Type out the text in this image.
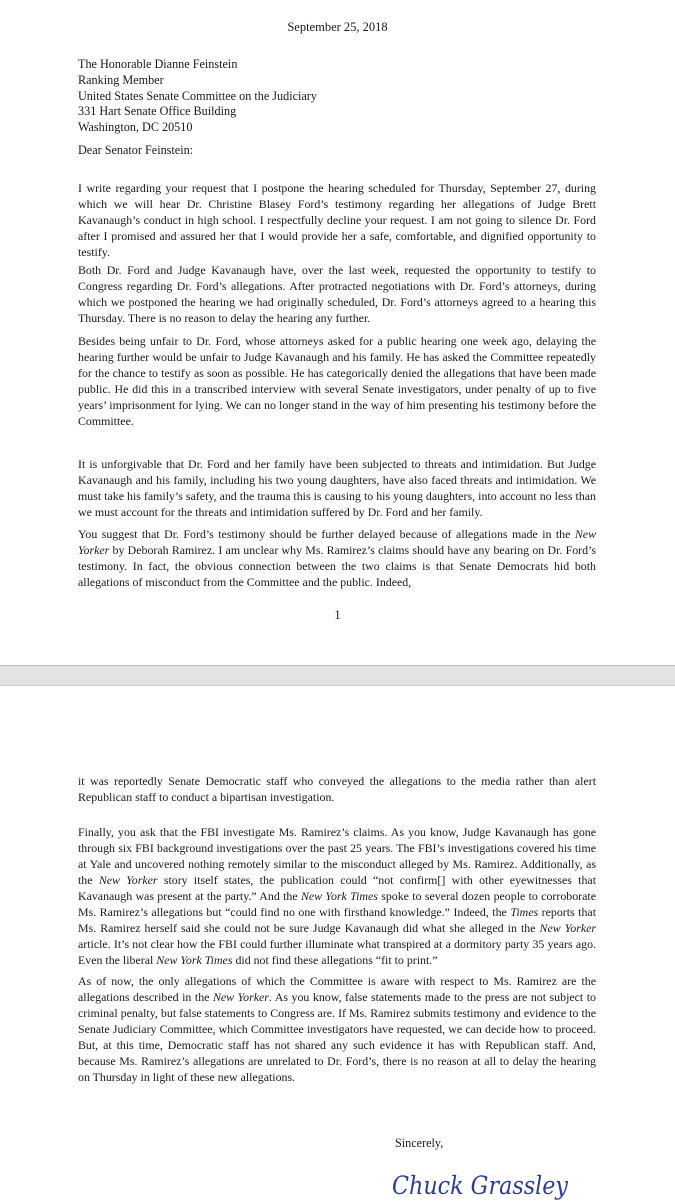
September 25, 2018
The Honorable Dianne Feinstein
Ranking Member
United States Senate Committee on the Judiciary
331 Hart Senate Office Building
Washington, DC 20510
Dear Senator Feinstein:

I write regarding your request that I postpone the hearing scheduled for Thursday, September 27, during which we will hear Dr. Christine Blasey Ford’s testimony regarding her allegations of Judge Brett Kavanaugh’s conduct in high school. I respectfully decline your request. I am not going to silence Dr. Ford after I promised and assured her that I would provide her a safe, comfortable, and dignified opportunity to testify.

Both Dr. Ford and Judge Kavanaugh have, over the last week, requested the opportunity to testify to Congress regarding Dr. Ford’s allegations. After protracted negotiations with Dr. Ford’s attorneys, during which we postponed the hearing we had originally scheduled, Dr. Ford’s attorneys agreed to a hearing this Thursday. There is no reason to delay the hearing any further.

Besides being unfair to Dr. Ford, whose attorneys asked for a public hearing one week ago, delaying the hearing further would be unfair to Judge Kavanaugh and his family. He has asked the Committee repeatedly for the chance to testify as soon as possible. He has categorically denied the allegations that have been made public. He did this in a transcribed interview with several Senate investigators, under penalty of up to five years’ imprisonment for lying. We can no longer stand in the way of him presenting his testimony before the Committee.

It is unforgivable that Dr. Ford and her family have been subjected to threats and intimidation. But Judge Kavanaugh and his family, including his two young daughters, have also faced threats and intimidation. We must take his family’s safety, and the trauma this is causing to his young daughters, into account no less than we must account for the threats and intimidation suffered by Dr. Ford and her family.

You suggest that Dr. Ford’s testimony should be further delayed because of allegations made in the New Yorker by Deborah Ramirez. I am unclear why Ms. Ramirez’s claims should have any bearing on Dr. Ford’s testimony. In fact, the obvious connection between the two claims is that Senate Democrats hid both allegations of misconduct from the Committee and the public. Indeed,

1

it was reportedly Senate Democratic staff who conveyed the allegations to the media rather than alert Republican staff to conduct a bipartisan investigation.

Finally, you ask that the FBI investigate Ms. Ramirez’s claims. As you know, Judge Kavanaugh has gone through six FBI background investigations over the past 25 years. The FBI’s investigations covered his time at Yale and uncovered nothing remotely similar to the misconduct alleged by Ms. Ramirez. Additionally, as the New Yorker story itself states, the publication could “not confirm[] with other eyewitnesses that Kavanaugh was present at the party.” And the New York Times spoke to several dozen people to corroborate Ms. Ramirez’s allegations but “could find no one with firsthand knowledge.” Indeed, the Times reports that Ms. Ramirez herself said she could not be sure Judge Kavanaugh did what she alleged in the New Yorker article. It’s not clear how the FBI could further illuminate what transpired at a dormitory party 35 years ago. Even the liberal New York Times did not find these allegations “fit to print.”

As of now, the only allegations of which the Committee is aware with respect to Ms. Ramirez are the allegations described in the New Yorker. As you know, false statements made to the press are not subject to criminal penalty, but false statements to Congress are. If Ms. Ramirez submits testimony and evidence to the Senate Judiciary Committee, which Committee investigators have requested, we can decide how to proceed. But, at this time, Democratic staff has not shared any such evidence it has with Republican staff. And, because Ms. Ramirez’s allegations are unrelated to Dr. Ford’s, there is no reason at all to delay the hearing on Thursday in light of these new allegations.

Sincerely,
Chuck Grassley
